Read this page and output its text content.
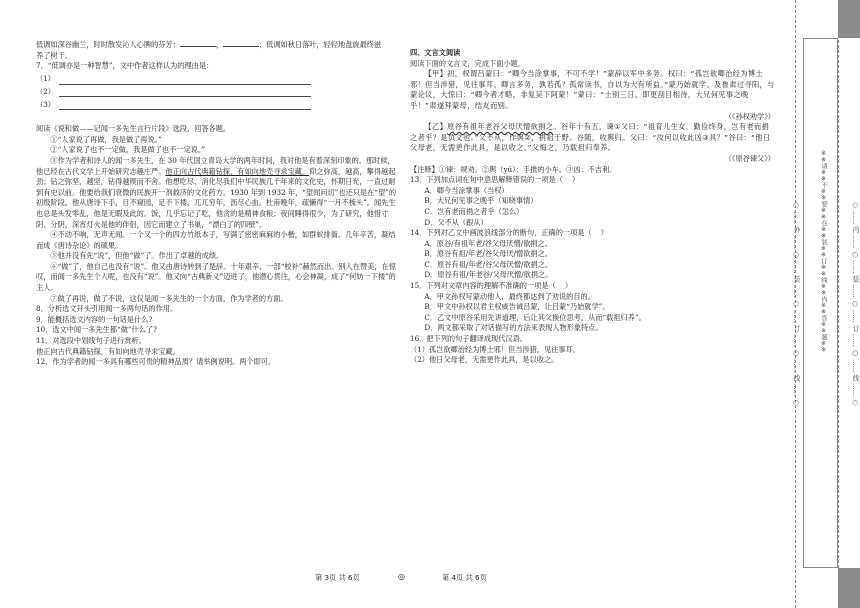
低调如深谷幽兰，时时散发沁人心脾的芬芳；	，	；低调如秋日落叶，轻轻地盘旋最终滋

养了树干。

7．“低调亦是一种智慧”，文中作者这样认为的理由是：

（1）
（2）
（3）

阅读《说和做——记闻一多先生言行片段》选段，回答各题。

①“人家说了再做，我是做了再说。”

②“人家说了也不一定做，我是做了也不一定说。”

③作为学者和诗人的闻一多先生，在 30 年代国立青岛大学的两年时间，我对他是有着深刻印象的。那时候，他已经在古代文学上开始研究志趣庄严。他正向古代典籍钻探，有如向地壳寻求宝藏。仰之弥高，越高，攀得越起劲；钻之弥坚，越坚，钻得越锲而不舍。他想吃尽、消化尽我们中华民族几千年来的文化史，怀期日光，一直过耐到有史以前。他要给我们衰微的民族开一剂救济的文化药方。1930 年到 1932 年，“望闻问切”也还只是在“望”的初级阶段。他从唐诗下手，目不窥园，足不下楼，兀兀穷年，沥尽心血。杜甫晚年，疏懒得“一月不梳头”。闻先生也总是头发零乱，他是无暇及此的。饭，几乎忘记了吃，他贪的是精神食粮；夜间睡得很少，为了研究，他惜寸阴、分阴，深宵灯火是他的伴侣，因它而建立了书巢，“漂白了的四壁”。

④不动不响，无声无闻。一个又一个的四方竹纸本子，写满了密密麻麻的小楷，如群蚁排衙。几年辛苦，凝结而成《唐诗杂论》的硕果。

⑤他并没有先“说”，但他“做”了。作出了卓越的成绩。

⑥“做”了，他自己也没有“说”。他又由唐诗转到了楚辞。十年艰辛，一部“校补”赫然而出。别人在赞美，在惊叹，而闻一多先生个人呢，也没有“说”。他又向“古典新义”迈进了，他潜心贯注，心会神凝，成了“何妨一下楼”的主人。

⑦做了再说，做了不说，这仅是闻一多先生的一个方面，作为学者的方面。

8．分析选文开头引用闻一多两句话的作用。

9．能概括选文内容的一句话是什么?

10．选文中闻一多先生都“做”什么了?

11．对选段中划线句子进行赏析。

他正向古代典籍钻探，有如向地壳寻求宝藏。

12．作为学者的闻一多具有哪些可贵的精神品质？请举例说明。两个即可。

四、文言文阅读

阅读下面的文言文，完成下面小题。

【甲】初，权谓吕蒙曰：“卿今当涂掌事，不可不学！”蒙辞以军中多务。权曰：“孤岂欲卿治经为博士邪！但当涉猎，见往事耳。卿言多务，孰若孤？孤常读书，自以为大有所益。”蒙乃始就学。及鲁肃过寻阳，与蒙论议，大惊曰：“卿今者才略，非复吴下阿蒙！”蒙曰：“士别三日，即更刮目相待，大兄何见事之晚乎！”肃遂拜蒙母，结友而别。

（《孙权劝学》）

【乙】原谷有祖年老谷父母厌憎欲捐之。谷年十有五，谏①父曰：“祖育儿生女，勤俭终身，岂有老而捐之者乎？是负义也。”父不从，作舆②，捐祖于野。谷随，收舆归。父曰：“汝何以收此凶③具？”谷曰：“他日父母老，无需更作此具，是以收之。”父悔之，乃载祖归奉养。

（《原谷谏父》）

【注释】①谏：规劝。②舆（yú）：手推的小车。③凶：不吉利。

13．下列加点词在句中意思解释错误的一项是（    ）

A．卿今当涂掌事（当权）

B．大兄何见事之晚乎（知晓事情）

C．岂有老而捐之者乎（怎么）

D．父不从（跟从）

14．下列对乙文中画波浪线部分的断句，正确的一项是（    ）

A．原谷/有祖年老/谷父母厌憎/欲捐之。

B．原谷有祖/年老/谷父母厌/憎欲捐之。

C．原谷有祖/年老/谷父母厌憎/欲捐之。

D．原谷有祖/年老谷/父母厌憎/欲捐之。

15．下列对文章内容的理解不准确的一项是（    ）

A．甲文孙权写蒙动他人，最终都达到了劝说的目的。

B．甲文中孙权以君主权威告诫吕蒙，让吕蒙“乃始就学”。

C．乙文中原谷采用先讲道理，后让其父换位思考，从而“载祖归养”。

D．两文都采取了对话描写的方法来表现人物形象特点。

16．把下列的句子翻译成现代汉语。

（1）孤岂欲卿治经为博士邪！但当涉猎，见往事耳。

（2）他日父母老，无需更作此具，是以收之。

第 3页 共 6页	◎	第 4页 共 6页
○ …… 外 …… ○ …… 装 …… ○ …… 订 …… ○ …… 线 …… ○	※※请※※不※※要※※在※※装※※订※※线※※内※※答※※题※※	○ …… 内 …… ○ …… 装 …… ○ …… 订 …… ○ …… 线 …… ○
